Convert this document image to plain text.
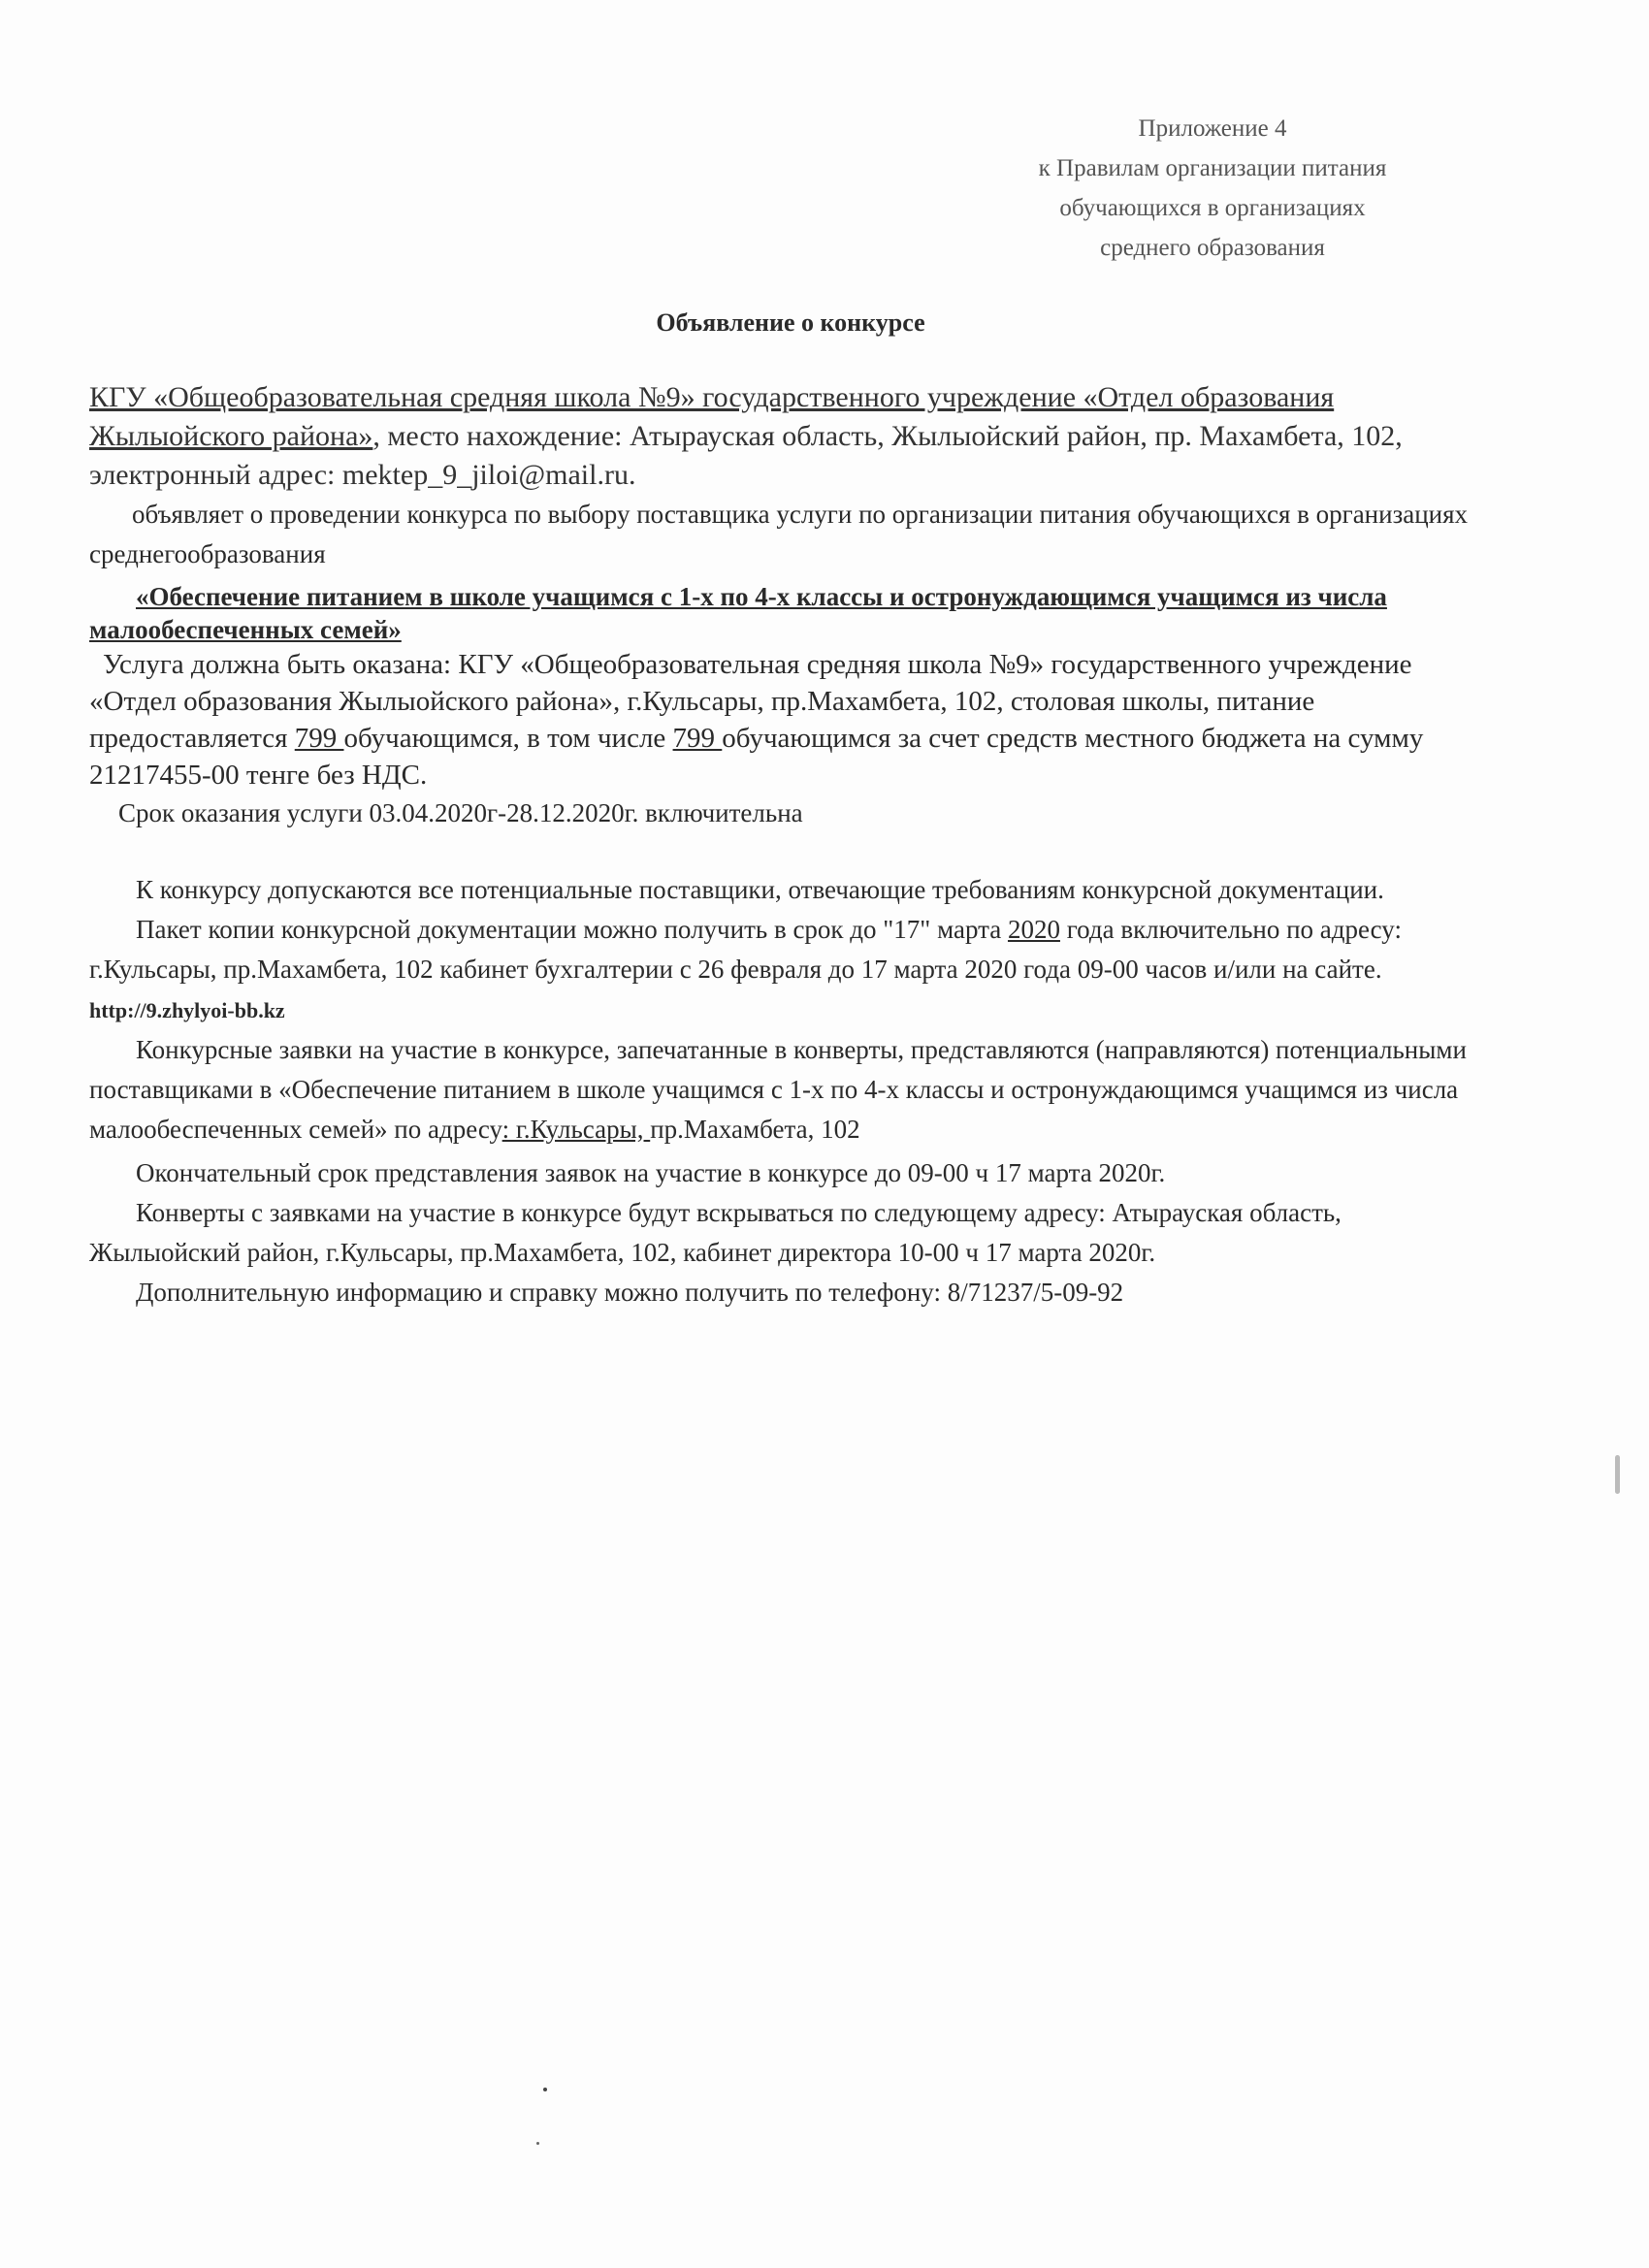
Приложение 4
к Правилам организации питания
обучающихся в организациях
среднего образования
Объявление о конкурсе

КГУ «Общеобразовательная средняя школа №9» государственного учреждение «Отдел образования Жылыойского района», место нахождение: Атырауская область, Жылыойский район, пр. Махамбета, 102, электронный адрес: mektep_9_jiloi@mail.ru.

объявляет о проведении конкурса по выбору поставщика услуги по организации питания обучающихся в организациях среднегообразования

«Обеспечение питанием в школе учащимся с 1-х по 4-х классы и остронуждающимся учащимся из числа малообеспеченных семей»

Услуга должна быть оказана: КГУ «Общеобразовательная средняя школа №9» государственного учреждение «Отдел образования Жылыойского района», г.Кульсары, пр.Махамбета, 102, столовая школы, питание предоставляется 799 обучающимся, в том числе 799 обучающимся за счет средств местного бюджета на сумму 21217455-00 тенге без НДС.

Срок оказания услуги 03.04.2020г-28.12.2020г. включительна

К конкурсу допускаются все потенциальные поставщики, отвечающие требованиям конкурсной документации.

Пакет копии конкурсной документации можно получить в срок до "17" марта 2020 года включительно по адресу: г.Кульсары, пр.Махамбета, 102 кабинет бухгалтерии с 26 февраля до 17 марта 2020 года 09-00 часов и/или на сайте. http://9.zhylyoi-bb.kz

Конкурсные заявки на участие в конкурсе, запечатанные в конверты, представляются (направляются) потенциальными поставщиками в «Обеспечение питанием в школе учащимся с 1-х по 4-х классы и остронуждающимся учащимся из числа малообеспеченных семей» по адресу: г.Кульсары, пр.Махамбета, 102

Окончательный срок представления заявок на участие в конкурсе до 09-00 ч 17 марта 2020г.

Конверты с заявками на участие в конкурсе будут вскрываться по следующему адресу: Атырауская область, Жылыойский район, г.Кульсары, пр.Махамбета, 102, кабинет директора 10-00 ч 17 марта 2020г.

Дополнительную информацию и справку можно получить по телефону: 8/71237/5-09-92
